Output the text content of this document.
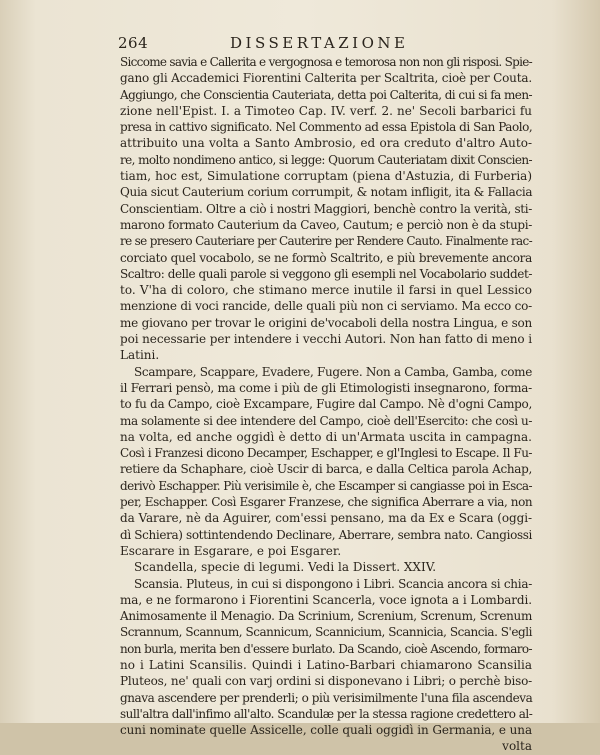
264	DISSERTAZIONE
Siccome savia e Callerita e vergognosa e temorosa non non gli risposi. Spie-
gano gli Accademici Fiorentini Calterita per Scaltrita, cioè per Couta.
Aggiungo, che Conscientia Cauteriata, detta poi Calterita, di cui si fa men-
zione nell'Epist. I. a Timoteo Cap. IV. verf. 2. ne' Secoli barbarici fu
presa in cattivo significato. Nel Commento ad essa Epistola di San Paolo,
attribuito una volta a Santo Ambrosio, ed ora creduto d'altro Auto-
re, molto nondimeno antico, si legge: Quorum Cauteriatam dixit Conscien-
tiam, hoc est, Simulatione corruptam (piena d'Astuzia, di Furberia)
Quia sicut Cauterium corium corrumpit, & notam infligit, ita & Fallacia
Conscientiam. Oltre a ciò i nostri Maggiori, benchè contro la verità, sti-
marono formato Cauterium da Caveo, Cautum; e perciò non è da stupi-
re se presero Cauteriare per Cauterire per Rendere Cauto. Finalmente rac-
corciato quel vocabolo, se ne formò Scaltrito, e più brevemente ancora
Scaltro: delle quali parole si veggono gli esempli nel Vocabolario suddet-
to. V'ha di coloro, che stimano merce inutile il farsi in quel Lessico
menzione di voci rancide, delle quali più non ci serviamo. Ma ecco co-
me giovano per trovar le origini de'vocaboli della nostra Lingua, e son
poi necessarie per intendere i vecchi Autori. Non han fatto di meno i
Latini.
Scampare, Scappare, Evadere, Fugere. Non a Camba, Gamba, come
il Ferrari pensò, ma come i più de gli Etimologisti insegnarono, forma-
to fu da Campo, cioè Excampare, Fugire dal Campo. Nè d'ogni Campo,
ma solamente si dee intendere del Campo, cioè dell'Esercito: che così u-
na volta, ed anche oggidì è detto di un'Armata uscita in campagna.
Così i Franzesi dicono Decamper, Eschapper, e gl'Inglesi to Escape. Il Fu-
retiere da Schaphare, cioè Uscir di barca, e dalla Celtica parola Achap,
derivò Eschapper. Più verisimile è, che Escamper si cangiasse poi in Esca-
per, Eschapper. Così Esgarer Franzese, che significa Aberrare a via, non
da Varare, nè da Aguirer, com'essi pensano, ma da Ex e Scara (oggi-
dì Schiera) sottintendendo Declinare, Aberrare, sembra nato. Cangiossi
Escarare in Esgarare, e poi Esgarer.
Scandella, specie di legumi. Vedi la Dissert. XXIV.
Scansia. Pluteus, in cui si dispongono i Libri. Scancia ancora si chia-
ma, e ne formarono i Fiorentini Scancerla, voce ignota a i Lombardi.
Animosamente il Menagio. Da Scrinium, Screnium, Screnum, Screnum
Scrannum, Scannum, Scannicum, Scannicium, Scannicia, Scancia. S'egli
non burla, merita ben d'essere burlato. Da Scando, cioè Ascendo, formaro-
no i Latini Scansilis. Quindi i Latino-Barbari chiamarono Scansilia
Pluteos, ne' quali con varj ordini si disponevano i Libri; o perchè biso-
gnava ascendere per prenderli; o più verisimilmente l'una fila ascendeva
sull'altra dall'infimo all'alto. Scandulæ per la stessa ragione credettero al-
cuni nominate quelle Assicelle, colle quali oggidì in Germania, e una
volta
